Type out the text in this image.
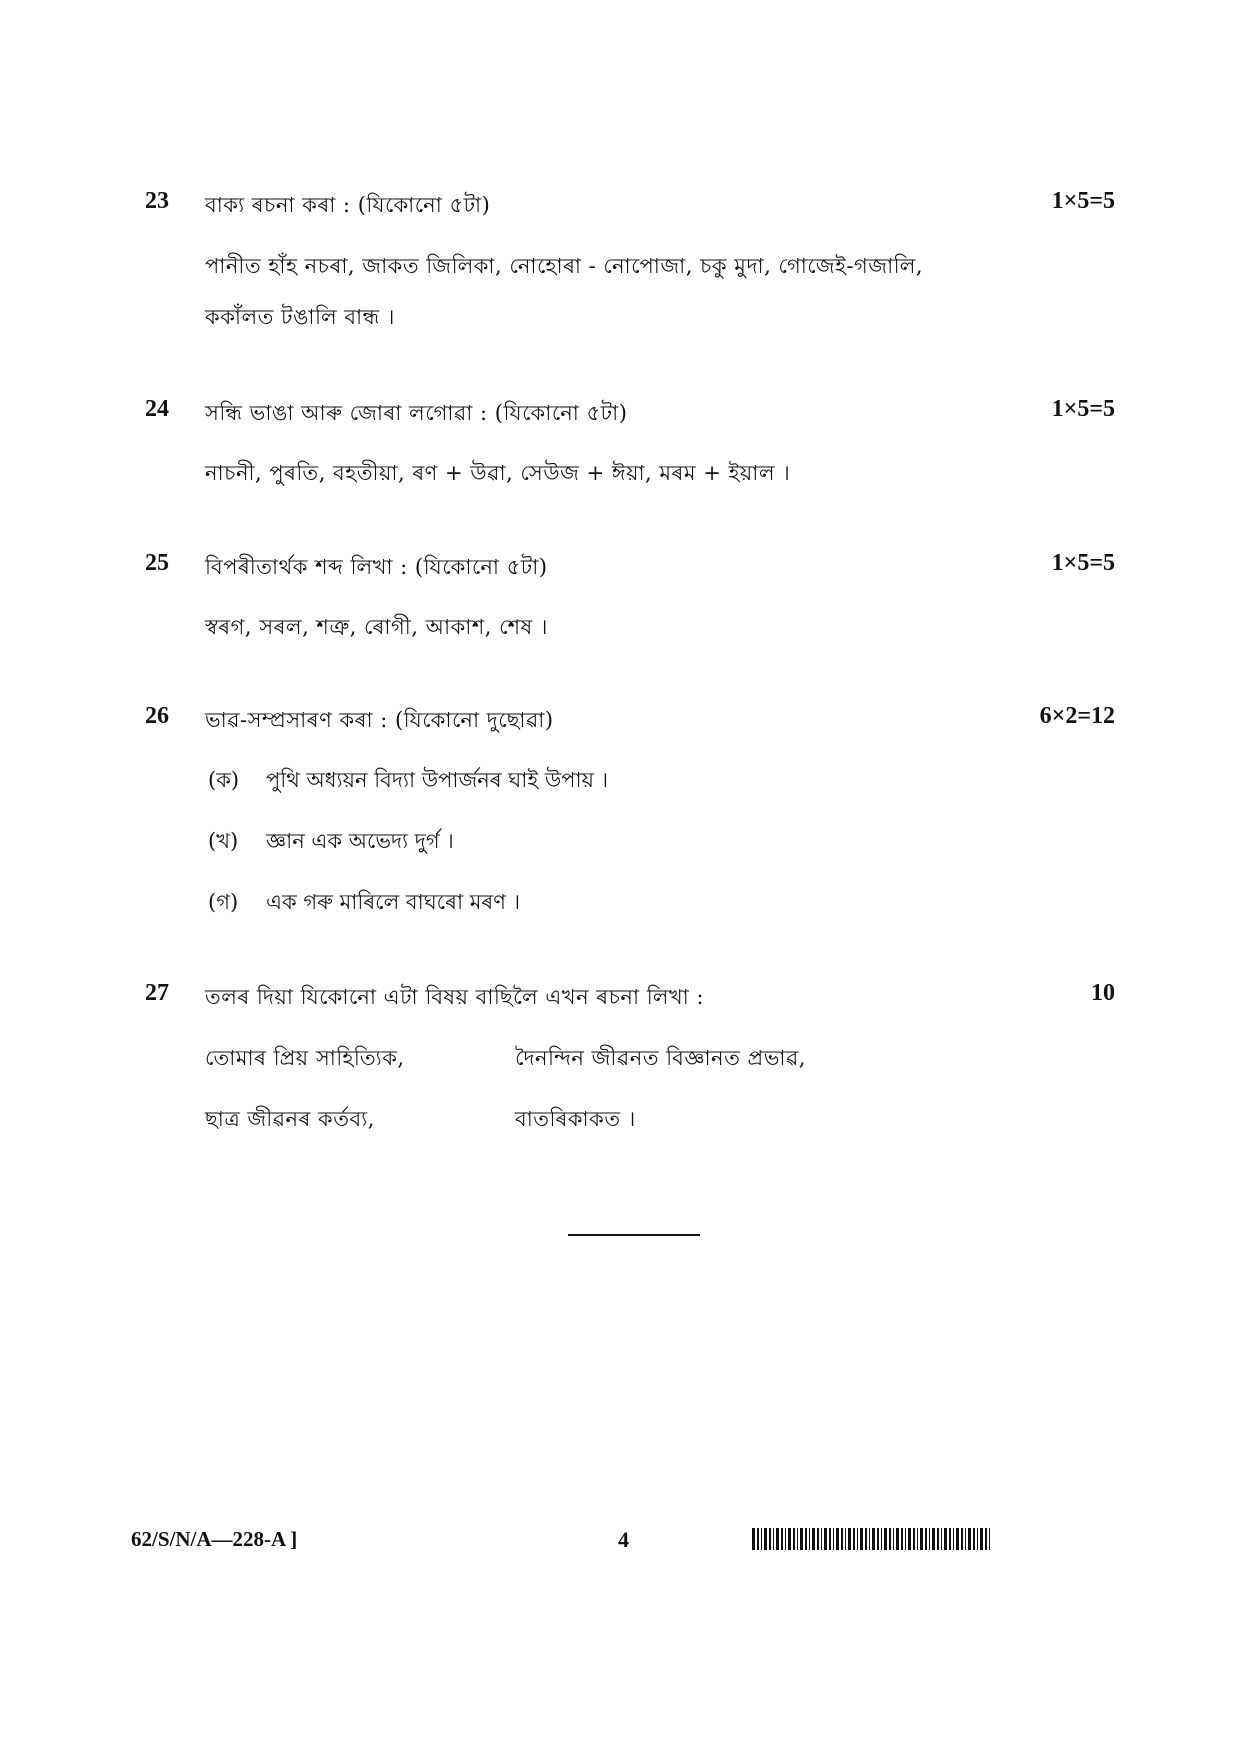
23 বাক্য ৰচনা কৰা : (যিকোনো ৫টা)	1×5=5
পানীত হাঁহ নচৰা, জাকত জিলিকা, নোহোৰা - নোপোজা, চকু মুদা, গোজেই-গজালি,
ককাঁলত টঙালি বান্ধ ।
24 সন্ধি ভাঙা আৰু জোৰা লগোৱা : (যিকোনো ৫টা)	1×5=5
নাচনী, পুৰতি, বহতীয়া, ৰণ + উৱা, সেউজ + ঈয়া, মৰম + ইয়াল ।
25 বিপৰীতাৰ্থক শব্দ লিখা : (যিকোনো ৫টা)	1×5=5
স্বৰগ, সৰল, শত্ৰু, ৰোগী, আকাশ, শেষ ।
26 ভাৱ-সম্প্ৰসাৰণ কৰা : (যিকোনো দুছোৱা)	6×2=12
(ক) পুথি অধ্যয়ন বিদ্যা উপাৰ্জনৰ ঘাই উপায় ।
(খ) জ্ঞান এক অভেদ্য দুৰ্গ ।
(গ) এক গৰু মাৰিলে বাঘৰো মৰণ ।
27 তলৰ দিয়া যিকোনো এটা বিষয় বাছিলৈ এখন ৰচনা লিখা :	10
তোমাৰ প্ৰিয় সাহিত্যিক,	দৈনন্দিন জীৱনত বিজ্ঞানত প্ৰভাৱ,
ছাত্ৰ জীৱনৰ কৰ্তব্য,	বাতৰিকাকত ।
62/S/N/A—228-A ]	4
